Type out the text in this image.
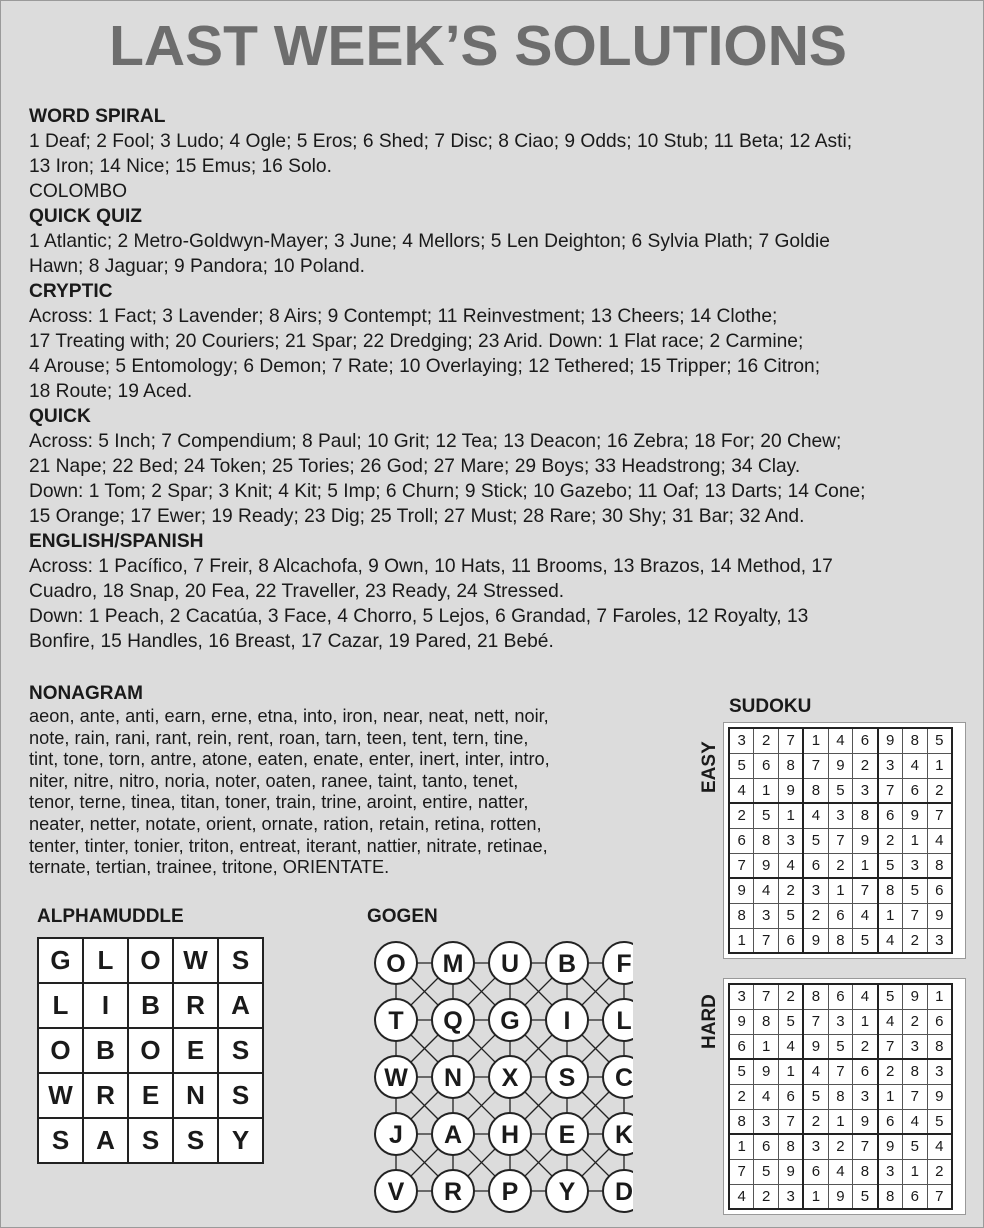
LAST WEEK’S SOLUTIONS
WORD SPIRAL
1 Deaf; 2 Fool; 3 Ludo; 4 Ogle; 5 Eros; 6 Shed; 7 Disc; 8 Ciao; 9 Odds; 10 Stub; 11 Beta; 12 Asti;
13 Iron; 14 Nice; 15 Emus; 16 Solo.
COLOMBO
QUICK QUIZ
1 Atlantic; 2 Metro-Goldwyn-Mayer; 3 June; 4 Mellors; 5 Len Deighton; 6 Sylvia Plath; 7 Goldie
Hawn; 8 Jaguar; 9 Pandora; 10 Poland.
CRYPTIC
Across: 1 Fact; 3 Lavender; 8 Airs; 9 Contempt; 11 Reinvestment; 13 Cheers; 14 Clothe;
17 Treating with; 20 Couriers; 21 Spar; 22 Dredging; 23 Arid. Down: 1 Flat race; 2 Carmine;
4 Arouse; 5 Entomology; 6 Demon; 7 Rate; 10 Overlaying; 12 Tethered; 15 Tripper; 16 Citron;
18 Route; 19 Aced.
QUICK
Across: 5 Inch; 7 Compendium; 8 Paul; 10 Grit; 12 Tea; 13 Deacon; 16 Zebra; 18 For; 20 Chew;
21 Nape; 22 Bed; 24 Token; 25 Tories; 26 God; 27 Mare; 29 Boys; 33 Headstrong; 34 Clay.
Down: 1 Tom; 2 Spar; 3 Knit; 4 Kit; 5 Imp; 6 Churn; 9 Stick; 10 Gazebo; 11 Oaf; 13 Darts; 14 Cone;
15 Orange; 17 Ewer; 19 Ready; 23 Dig; 25 Troll; 27 Must; 28 Rare; 30 Shy; 31 Bar; 32 And.
ENGLISH/SPANISH
Across: 1 Pacífico, 7 Freir, 8 Alcachofa, 9 Own, 10 Hats, 11 Brooms, 13 Brazos, 14 Method, 17
Cuadro, 18 Snap, 20 Fea, 22 Traveller, 23 Ready, 24 Stressed.
Down: 1 Peach, 2 Cacatúa, 3 Face, 4 Chorro, 5 Lejos, 6 Grandad, 7 Faroles, 12 Royalty, 13
Bonfire, 15 Handles, 16 Breast, 17 Cazar, 19 Pared, 21 Bebé.
NONAGRAM
aeon, ante, anti, earn, erne, etna, into, iron, near, neat, nett, noir,
note, rain, rani, rant, rein, rent, roan, tarn, teen, tent, tern, tine,
tint, tone, torn, antre, atone, eaten, enate, enter, inert, inter, intro,
niter, nitre, nitro, noria, noter, oaten, ranee, taint, tanto, tenet,
tenor, terne, tinea, titan, toner, train, trine, aroint, entire, natter,
neater, netter, notate, orient, ornate, ration, retain, retina, rotten,
tenter, tinter, tonier, triton, entreat, iterant, nattier, nitrate, retinae,
ternate, tertian, trainee, tritone, ORIENTATE.
SUDOKU
EASY
HARD
3	2	7	1	4	6	9	8	5
5	6	8	7	9	2	3	4	1
4	1	9	8	5	3	7	6	2
2	5	1	4	3	8	6	9	7
6	8	3	5	7	9	2	1	4
7	9	4	6	2	1	5	3	8
9	4	2	3	1	7	8	5	6
8	3	5	2	6	4	1	7	9
1	7	6	9	8	5	4	2	3
3	7	2	8	6	4	5	9	1
9	8	5	7	3	1	4	2	6
6	1	4	9	5	2	7	3	8
5	9	1	4	7	6	2	8	3
2	4	6	5	8	3	1	7	9
8	3	7	2	1	9	6	4	5
1	6	8	3	2	7	9	5	4
7	5	9	6	4	8	3	1	2
4	2	3	1	9	5	8	6	7
ALPHAMUDDLE
G	L	O	W	S
L	I	B	R	A
O	B	O	E	S
W	R	E	N	S
S	A	S	S	Y
GOGEN
O M U B F
T Q G I L
W N X S C
J A H E K
V R P Y D
